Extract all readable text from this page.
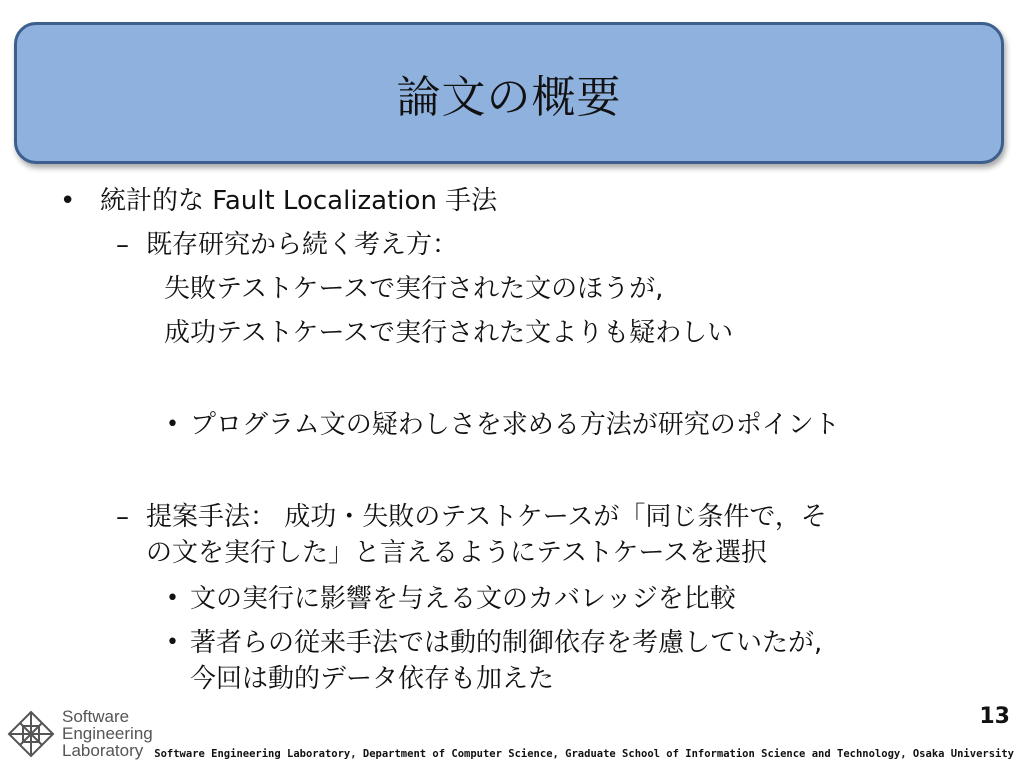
論文の概要
• 統計的な Fault Localization 手法
– 既存研究から続く考え方：
失敗テストケースで実行された文のほうが,
成功テストケースで実行された文よりも疑わしい
• プログラム文の疑わしさを求める方法が研究のポイント
– 提案手法： 成功・失敗のテストケースが「同じ条件で，そ
の文を実行した」と言えるようにテストケースを選択
• 文の実行に影響を与える文のカバレッジを比較
• 著者らの従来手法では動的制御依存を考慮していたが,
今回は動的データ依存も加えた
Software
Engineering
Laboratory
13
Software Engineering Laboratory, Department of Computer Science, Graduate School of Information Science and Technology, Osaka University
